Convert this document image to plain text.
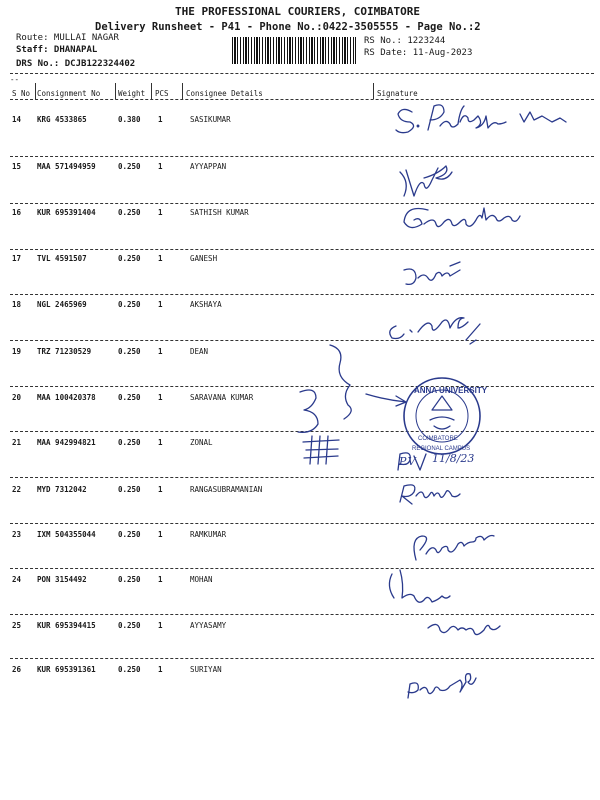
THE PROFESSIONAL COURIERS, COIMBATORE
Delivery Runsheet - P41 - Phone No.:0422-3505555 - Page No.:2
Route: MULLAI NAGAR
Staff: DHANAPAL
DRS No.: DCJB122324402
RS No.: 1223244
RS Date: 11-Aug-2023
--
S No Consignment No Weight PCS Consignee Details	Signature
14 KRG 4533865	0.380 1	SASIKUMAR
15 MAA 571494959	0.250 1	AYYAPPAN
16 KUR 695391404	0.250 1	SATHISH KUMAR
17 TVL 4591507	0.250 1	GANESH
18 NGL 2465969	0.250 1	AKSHAYA
19 TRZ 71230529	0.250 1	DEAN
20 MAA 100420378	0.250 1	SARAVANA KUMAR
21 MAA 942994821	0.250 1	ZONAL
22 MYD 7312042	0.250 1	RANGASUBRAMANIAN
23 IXM 504355044	0.250 1	RAMKUMAR
24 PON 3154492	0.250 1	MOHAN
25 KUR 695394415	0.250 1	AYYASAMY
26 KUR 695391361	0.250 1	SURIYAN
ANNA UNIVERSITY
COIMBATORE
REGIONAL CAMPUS
P.V 11/8/23
